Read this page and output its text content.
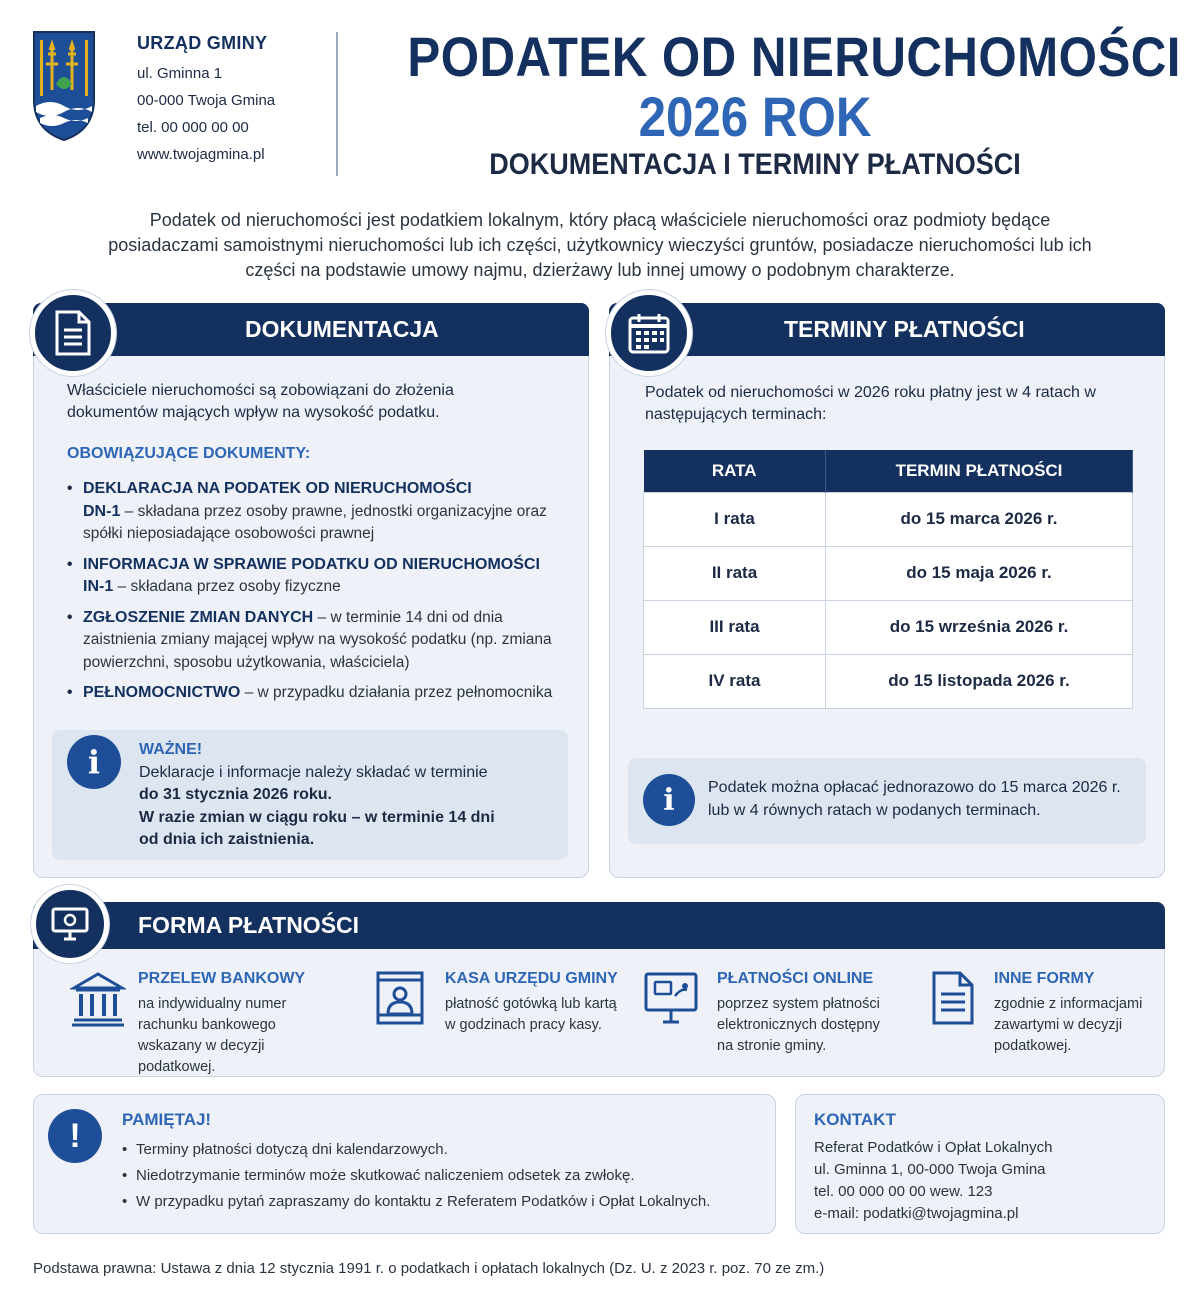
URZĄD GMINY
ul. Gminna 1
00-000 Twoja Gmina
tel. 00 000 00 00
www.twojagmina.pl
PODATEK OD NIERUCHOMOŚCI
2026 ROK
DOKUMENTACJA I TERMINY PŁATNOŚCI
Podatek od nieruchomości jest podatkiem lokalnym, który płacą właściciele nieruchomości oraz podmioty będące posiadaczami samoistnymi nieruchomości lub ich części, użytkownicy wieczyści gruntów, posiadacze nieruchomości lub ich części na podstawie umowy najmu, dzierżawy lub innej umowy o podobnym charakterze.
DOKUMENTACJA
Właściciele nieruchomości są zobowiązani do złożenia dokumentów mających wpływ na wysokość podatku.
OBOWIĄZUJĄCE DOKUMENTY:
• DEKLARACJA NA PODATEK OD NIERUCHOMOŚCI
DN-1 – składana przez osoby prawne, jednostki organizacyjne oraz spółki nieposiadające osobowości prawnej
• INFORMACJA W SPRAWIE PODATKU OD NIERUCHOMOŚCI
IN-1 – składana przez osoby fizyczne
• ZGŁOSZENIE ZMIAN DANYCH – w terminie 14 dni od dnia zaistnienia zmiany mającej wpływ na wysokość podatku (np. zmiana powierzchni, sposobu użytkowania, właściciela)
• PEŁNOMOCNICTWO – w przypadku działania przez pełnomocnika
i	WAŻNE!
Deklaracje i informacje należy składać w terminie
do 31 stycznia 2026 roku.
W razie zmian w ciągu roku – w terminie 14 dni od dnia ich zaistnienia.
TERMINY PŁATNOŚCI
Podatek od nieruchomości w 2026 roku płatny jest w 4 ratach w następujących terminach:
RATA	TERMIN PŁATNOŚCI
I rata	do 15 marca 2026 r.
II rata	do 15 maja 2026 r.
III rata	do 15 września 2026 r.
IV rata	do 15 listopada 2026 r.
i	Podatek można opłacać jednorazowo do 15 marca 2026 r. lub w 4 równych ratach w podanych terminach.
FORMA PŁATNOŚCI
PRZELEW BANKOWY
na indywidualny numer rachunku bankowego wskazany w decyzji podatkowej.
KASA URZĘDU GMINY
płatność gotówką lub kartą w godzinach pracy kasy.
PŁATNOŚCI ONLINE
poprzez system płatności elektronicznych dostępny na stronie gminy.
INNE FORMY
zgodnie z informacjami zawartymi w decyzji podatkowej.
!	PAMIĘTAJ!
• Terminy płatności dotyczą dni kalendarzowych.
• Niedotrzymanie terminów może skutkować naliczeniem odsetek za zwłokę.
• W przypadku pytań zapraszamy do kontaktu z Referatem Podatków i Opłat Lokalnych.
KONTAKT
Referat Podatków i Opłat Lokalnych
ul. Gminna 1, 00-000 Twoja Gmina
tel. 00 000 00 00 wew. 123
e-mail: podatki@twojagmina.pl
Podstawa prawna: Ustawa z dnia 12 stycznia 1991 r. o podatkach i opłatach lokalnych (Dz. U. z 2023 r. poz. 70 ze zm.)
